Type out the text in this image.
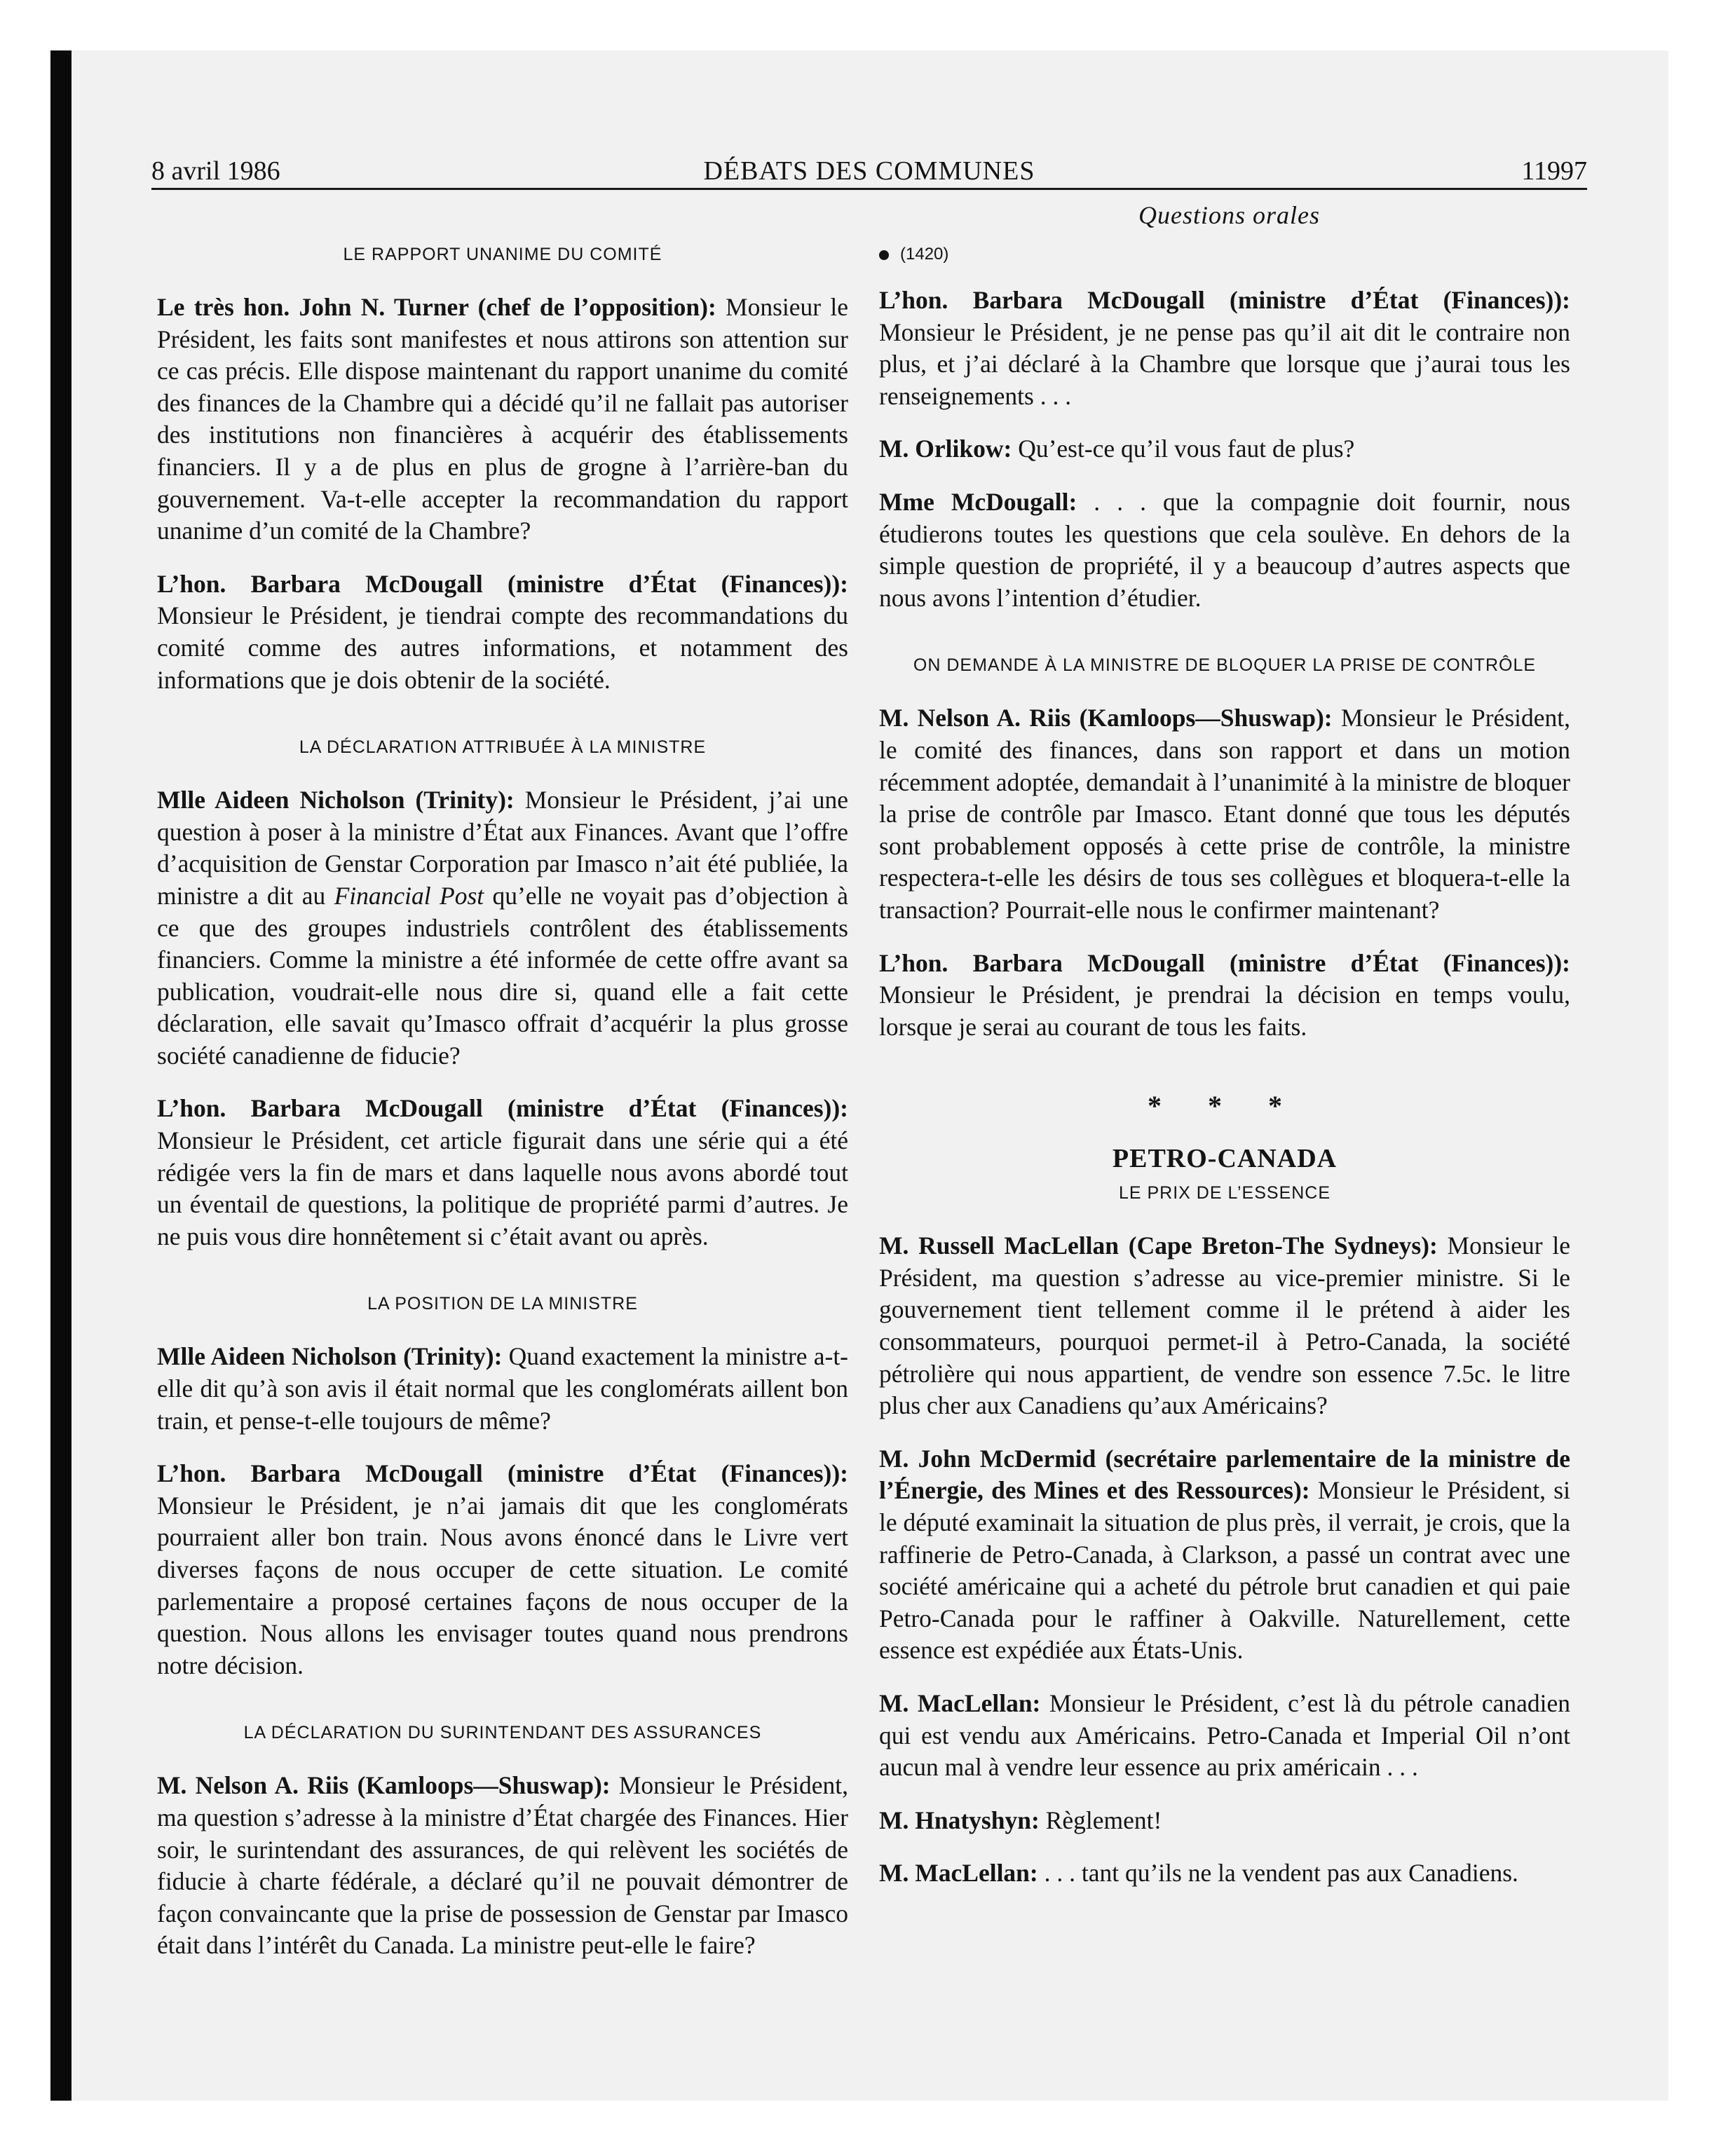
8 avril 1986	DÉBATS DES COMMUNES	11997
Questions orales
LE RAPPORT UNANIME DU COMITÉ

Le très hon. John N. Turner (chef de l’opposition): Monsieur le Président, les faits sont manifestes et nous attirons son attention sur ce cas précis. Elle dispose maintenant du rapport unanime du comité des finances de la Chambre qui a décidé qu’il ne fallait pas autoriser des institutions non financières à acquérir des établissements financiers. Il y a de plus en plus de grogne à l’arrière-ban du gouvernement. Va-t-elle accepter la recommandation du rapport unanime d’un comité de la Chambre?

L’hon. Barbara McDougall (ministre d’État (Finances)): Monsieur le Président, je tiendrai compte des recommandations du comité comme des autres informations, et notamment des informations que je dois obtenir de la société.

LA DÉCLARATION ATTRIBUÉE À LA MINISTRE

Mlle Aideen Nicholson (Trinity): Monsieur le Président, j’ai une question à poser à la ministre d’État aux Finances. Avant que l’offre d’acquisition de Genstar Corporation par Imasco n’ait été publiée, la ministre a dit au Financial Post qu’elle ne voyait pas d’objection à ce que des groupes industriels contrôlent des établissements financiers. Comme la ministre a été informée de cette offre avant sa publication, voudrait-elle nous dire si, quand elle a fait cette déclaration, elle savait qu’Imasco offrait d’acquérir la plus grosse société canadienne de fiducie?

L’hon. Barbara McDougall (ministre d’État (Finances)): Monsieur le Président, cet article figurait dans une série qui a été rédigée vers la fin de mars et dans laquelle nous avons abordé tout un éventail de questions, la politique de propriété parmi d’autres. Je ne puis vous dire honnêtement si c’était avant ou après.

LA POSITION DE LA MINISTRE

Mlle Aideen Nicholson (Trinity): Quand exactement la ministre a-t-elle dit qu’à son avis il était normal que les conglomérats aillent bon train, et pense-t-elle toujours de même?

L’hon. Barbara McDougall (ministre d’État (Finances)): Monsieur le Président, je n’ai jamais dit que les conglomérats pourraient aller bon train. Nous avons énoncé dans le Livre vert diverses façons de nous occuper de cette situation. Le comité parlementaire a proposé certaines façons de nous occuper de la question. Nous allons les envisager toutes quand nous prendrons notre décision.

LA DÉCLARATION DU SURINTENDANT DES ASSURANCES

M. Nelson A. Riis (Kamloops—Shuswap): Monsieur le Président, ma question s’adresse à la ministre d’État chargée des Finances. Hier soir, le surintendant des assurances, de qui relèvent les sociétés de fiducie à charte fédérale, a déclaré qu’il ne pouvait démontrer de façon convaincante que la prise de possession de Genstar par Imasco était dans l’intérêt du Canada. La ministre peut-elle le faire?

(1420)

L’hon. Barbara McDougall (ministre d’État (Finances)): Monsieur le Président, je ne pense pas qu’il ait dit le contraire non plus, et j’ai déclaré à la Chambre que lorsque que j’aurai tous les renseignements . . .

M. Orlikow: Qu’est-ce qu’il vous faut de plus?

Mme McDougall: . . . que la compagnie doit fournir, nous étudierons toutes les questions que cela soulève. En dehors de la simple question de propriété, il y a beaucoup d’autres aspects que nous avons l’intention d’étudier.

ON DEMANDE À LA MINISTRE DE BLOQUER LA PRISE DE CONTRÔLE

M. Nelson A. Riis (Kamloops—Shuswap): Monsieur le Président, le comité des finances, dans son rapport et dans un motion récemment adoptée, demandait à l’unanimité à la ministre de bloquer la prise de contrôle par Imasco. Etant donné que tous les députés sont probablement opposés à cette prise de contrôle, la ministre respectera-t-elle les désirs de tous ses collègues et bloquera-t-elle la transaction? Pourrait-elle nous le confirmer maintenant?

L’hon. Barbara McDougall (ministre d’État (Finances)): Monsieur le Président, je prendrai la décision en temps voulu, lorsque je serai au courant de tous les faits.

* * *
PETRO-CANADA
LE PRIX DE L’ESSENCE

M. Russell MacLellan (Cape Breton-The Sydneys): Monsieur le Président, ma question s’adresse au vice-premier ministre. Si le gouvernement tient tellement comme il le prétend à aider les consommateurs, pourquoi permet-il à Petro-Canada, la société pétrolière qui nous appartient, de vendre son essence 7.5c. le litre plus cher aux Canadiens qu’aux Américains?

M. John McDermid (secrétaire parlementaire de la ministre de l’Énergie, des Mines et des Ressources): Monsieur le Président, si le député examinait la situation de plus près, il verrait, je crois, que la raffinerie de Petro-Canada, à Clarkson, a passé un contrat avec une société américaine qui a acheté du pétrole brut canadien et qui paie Petro-Canada pour le raffiner à Oakville. Naturellement, cette essence est expédiée aux États-Unis.

M. MacLellan: Monsieur le Président, c’est là du pétrole canadien qui est vendu aux Américains. Petro-Canada et Imperial Oil n’ont aucun mal à vendre leur essence au prix américain . . .

M. Hnatyshyn: Règlement!

M. MacLellan: . . . tant qu’ils ne la vendent pas aux Canadiens.
